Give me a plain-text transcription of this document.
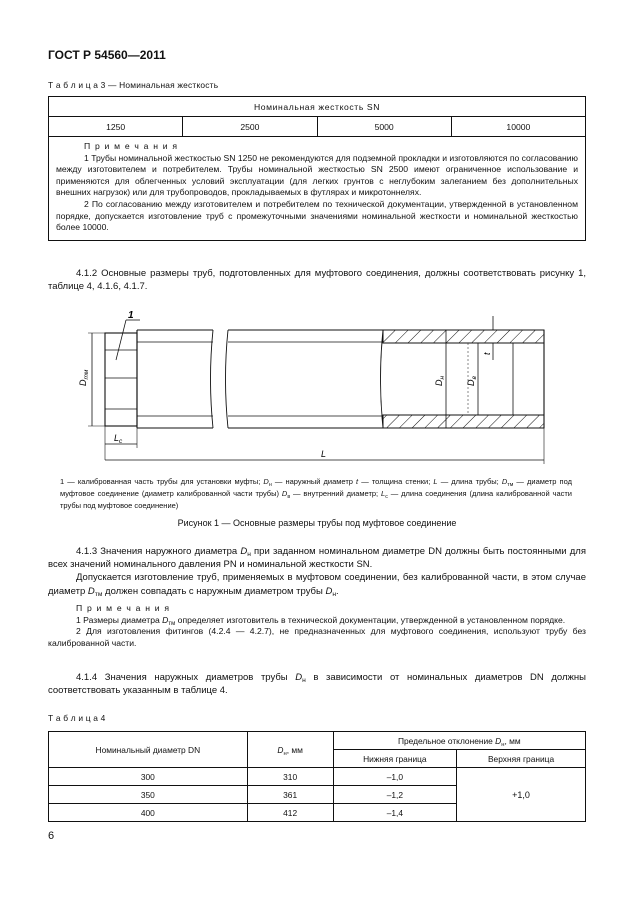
ГОСТ Р 54560—2011
Т а б л и ц а 3 — Номинальная жесткость
Номинальная жесткость SN
1250	2500	5000	10000

П р и м е ч а н и я
1 Трубы номинальной жесткостью SN 1250 не рекомендуются для подземной прокладки и изготовляются по согласованию между изготовителем и потребителем. Трубы номинальной жесткостью SN 2500 имеют ограниченное использование и применяются для облегченных условий эксплуатации (для легких грунтов с неглубоким залеганием без дополнительных внешних нагрузок) или для трубопроводов, прокладываемых в футлярах и микротоннелях.
2 По согласованию между изготовителем и потребителем по технической документации, утвержденной в установленном порядке, допускается изготовление труб с промежуточными значениями номинальной жесткости и номинальной жесткостью более 10000.
4.1.2 Основные размеры труб, подготовленных для муфтового соединения, должны соответствовать рисунку 1, таблице 4, 4.1.6, 4.1.7.
1
$D_{тм}$
$D_н$
$D_в$
t
$L_c$
L
1 — калиброванная часть трубы для установки муфты; $D_н$ — наружный диаметр t — толщина стенки; L — длина трубы; $D_{тм}$ — диаметр под муфтовое соединение (диаметр калиброванной части трубы) $D_в$ — внутренний диаметр; $L_c$ — длина соединения (длина калиброванной части трубы под муфтовое соединение)
Рисунок 1 — Основные размеры трубы под муфтовое соединение
4.1.3 Значения наружного диаметра $D_н$ при заданном номинальном диаметре DN должны быть постоянными для всех значений номинального давления PN и номинальной жесткости SN.
Допускается изготовление труб, применяемых в муфтовом соединении, без калиброванной части, в этом случае диаметр $D_{тм}$ должен совпадать с наружным диаметром трубы $D_н$.
П р и м е ч а н и я
1 Размеры диаметра $D_{тм}$ определяет изготовитель в технической документации, утвержденной в установленном порядке.
2 Для изготовления фитингов (4.2.4 — 4.2.7), не предназначенных для муфтового соединения, используют трубу без калиброванной части.
4.1.4 Значения наружных диаметров трубы $D_н$ в зависимости от номинальных диаметров DN должны соответствовать указанным в таблице 4.
Т а б л и ц а 4
Номинальный диаметр DN	$D_н$, мм	Предельное отклонение $D_н$, мм	
		Нижняя граница	Верхняя граница
300	310	–1,0	+1,0
350	361	–1,2	
400	412	–1,4	
6
